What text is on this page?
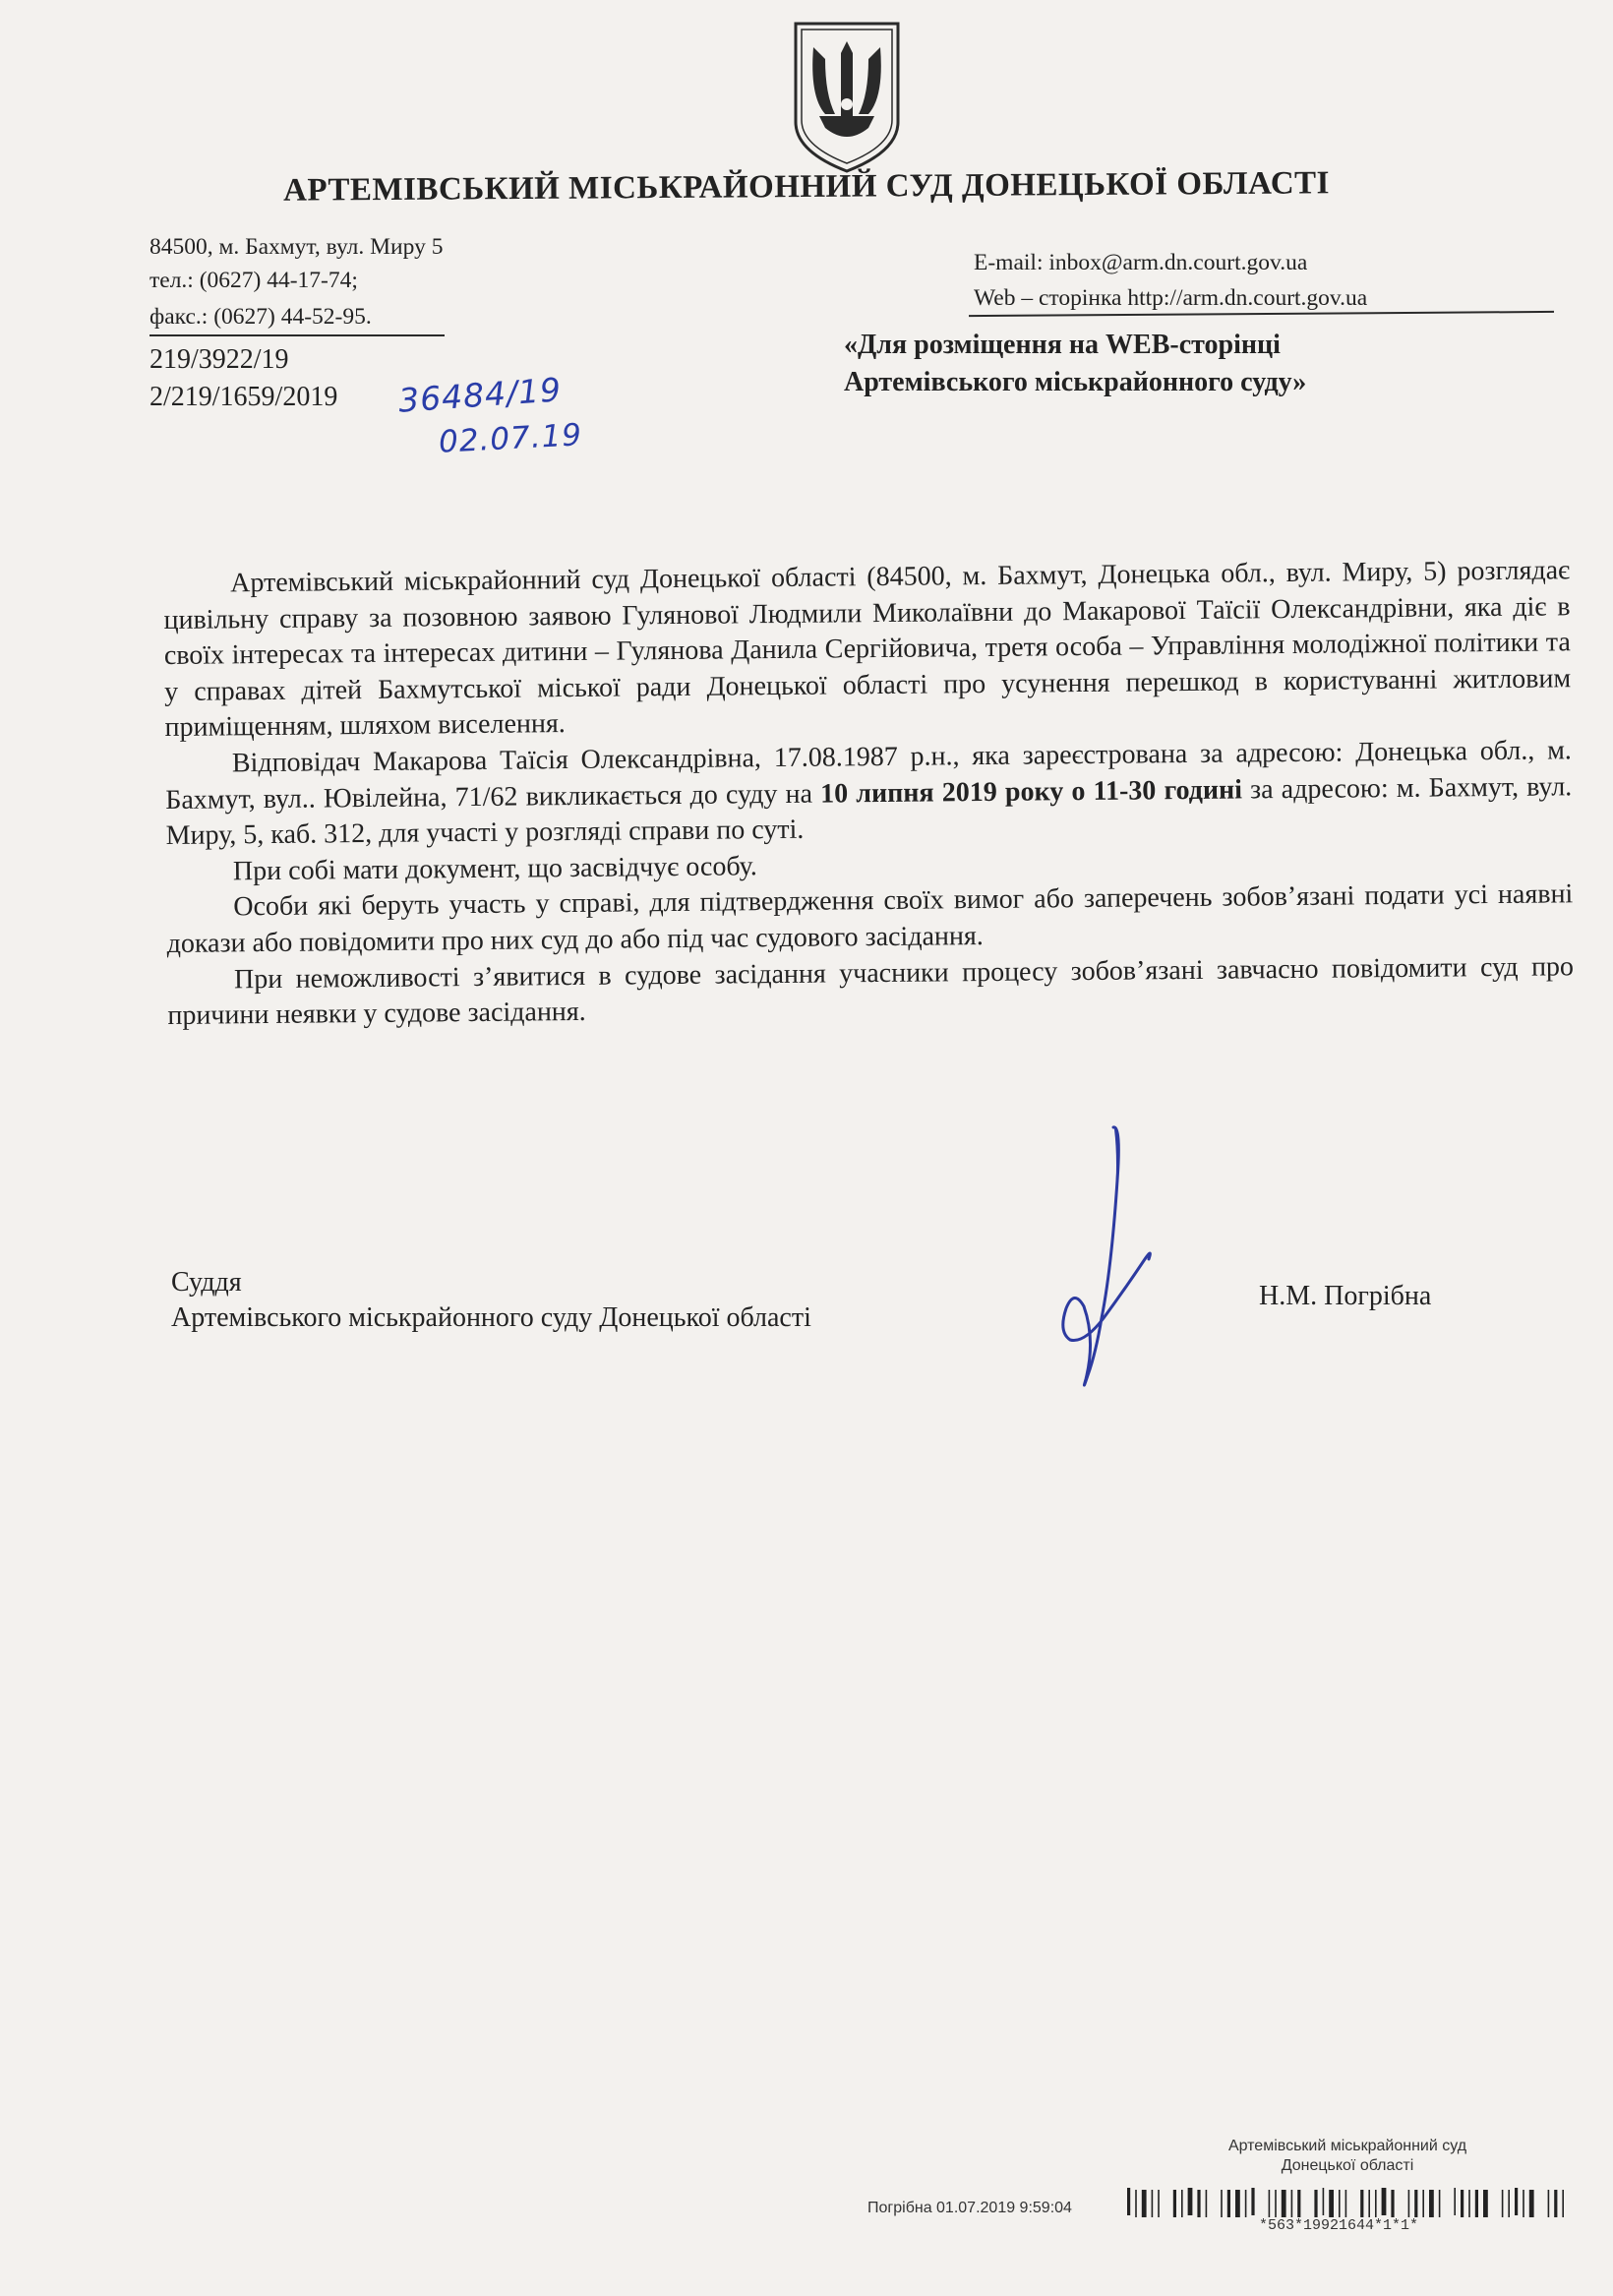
АРТЕМІВСЬКИЙ МІСЬКРАЙОННИЙ СУД ДОНЕЦЬКОЇ ОБЛАСТІ
84500, м. Бахмут, вул. Миру 5
тел.: (0627) 44-17-74;
факс.: (0627) 44-52-95.
E-mail: inbox@arm.dn.court.gov.ua
Web – сторінка http://arm.dn.court.gov.ua
219/3922/19
2/219/1659/2019 36484/19
02.07.19
«Для розміщення на WEB-сторінці
Артемівського міськрайонного суду»

Артемівський міськрайонний суд Донецької області (84500, м. Бахмут, Донецька обл., вул. Миру, 5) розглядає цивільну справу за позовною заявою Гулянової Людмили Миколаївни до Макарової Таїсії Олександрівни, яка діє в своїх інтересах та інтересах дитини – Гулянова Данила Сергійовича, третя особа – Управління молодіжної політики та у справах дітей Бахмутської міської ради Донецької області про усунення перешкод в користуванні житловим приміщенням, шляхом виселення.

Відповідач Макарова Таїсія Олександрівна, 17.08.1987 р.н., яка зареєстрована за адресою: Донецька обл., м. Бахмут, вул.. Ювілейна, 71/62 викликається до суду на 10 липня 2019 року о 11-30 годині за адресою: м. Бахмут, вул. Миру, 5, каб. 312, для участі у розгляді справи по суті.

При собі мати документ, що засвідчує особу.

Особи які беруть участь у справі, для підтвердження своїх вимог або заперечень зобов’язані подати усі наявні докази або повідомити про них суд до або під час судового засідання.

При неможливості з’явитися в судове засідання учасники процесу зобов’язані завчасно повідомити суд про причини неявки у судове засідання.

Суддя
Артемівського міськрайонного суду Донецької області
Н.М. Погрібна
Артемівський міськрайонний суд
Донецької області
Погрібна 01.07.2019 9:59:04
*563*19921644*1*1*
